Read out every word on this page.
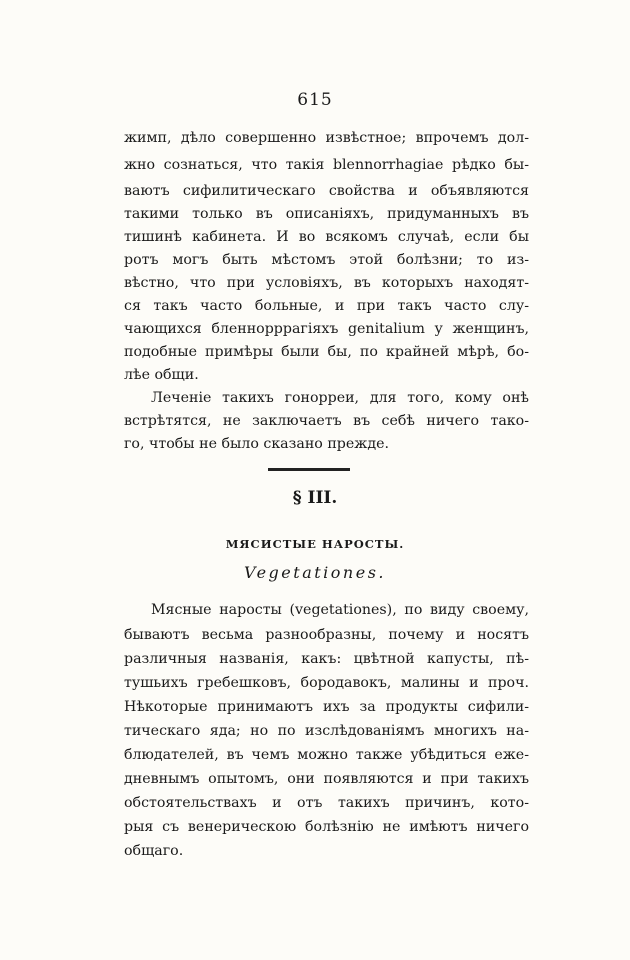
615
жимп, дѣло совершенно извѣстное; впрочемъ дол-
жно сознаться, что такія blennorrhagiae рѣдко бы-
ваютъ сифилитическаго свойства и объявляются
такими только въ описаніяхъ, придуманныхъ въ
тишинѣ кабинета. И во всякомъ случаѣ, если бы
ротъ могъ быть мѣстомъ этой болѣзни; то из-
вѣстно, что при условіяхъ, въ которыхъ находят-
ся такъ часто больные, и при такъ часто слу-
чающихся бленнорррагіяхъ genitalium у женщинъ,
подобные примѣры были бы, по крайней мѣрѣ, бо-
лѣе общи.
Леченіе такихъ гонорреи, для того, кому онѣ
встрѣтятся, не заключаетъ въ себѣ ничего тако-
го, чтобы не было сказано прежде.
§ III.
МЯСИСТЫЕ НАРОСТЫ.
Vegetationes.
Мясные наросты (vegetationes), по виду своему,
бываютъ весьма разнообразны, почему и носятъ
различныя названія, какъ: цвѣтной капусты, пѣ-
тушьихъ гребешковъ, бородавокъ, малины и проч.
Нѣкоторые принимаютъ ихъ за продукты сифили-
тическаго яда; но по изслѣдованіямъ многихъ на-
блюдателей, въ чемъ можно также убѣдиться еже-
дневнымъ опытомъ, они появляются и при такихъ
обстоятельствахъ и отъ такихъ причинъ, кото-
рыя съ венерическою болѣзнію не имѣютъ ничего
общаго.
